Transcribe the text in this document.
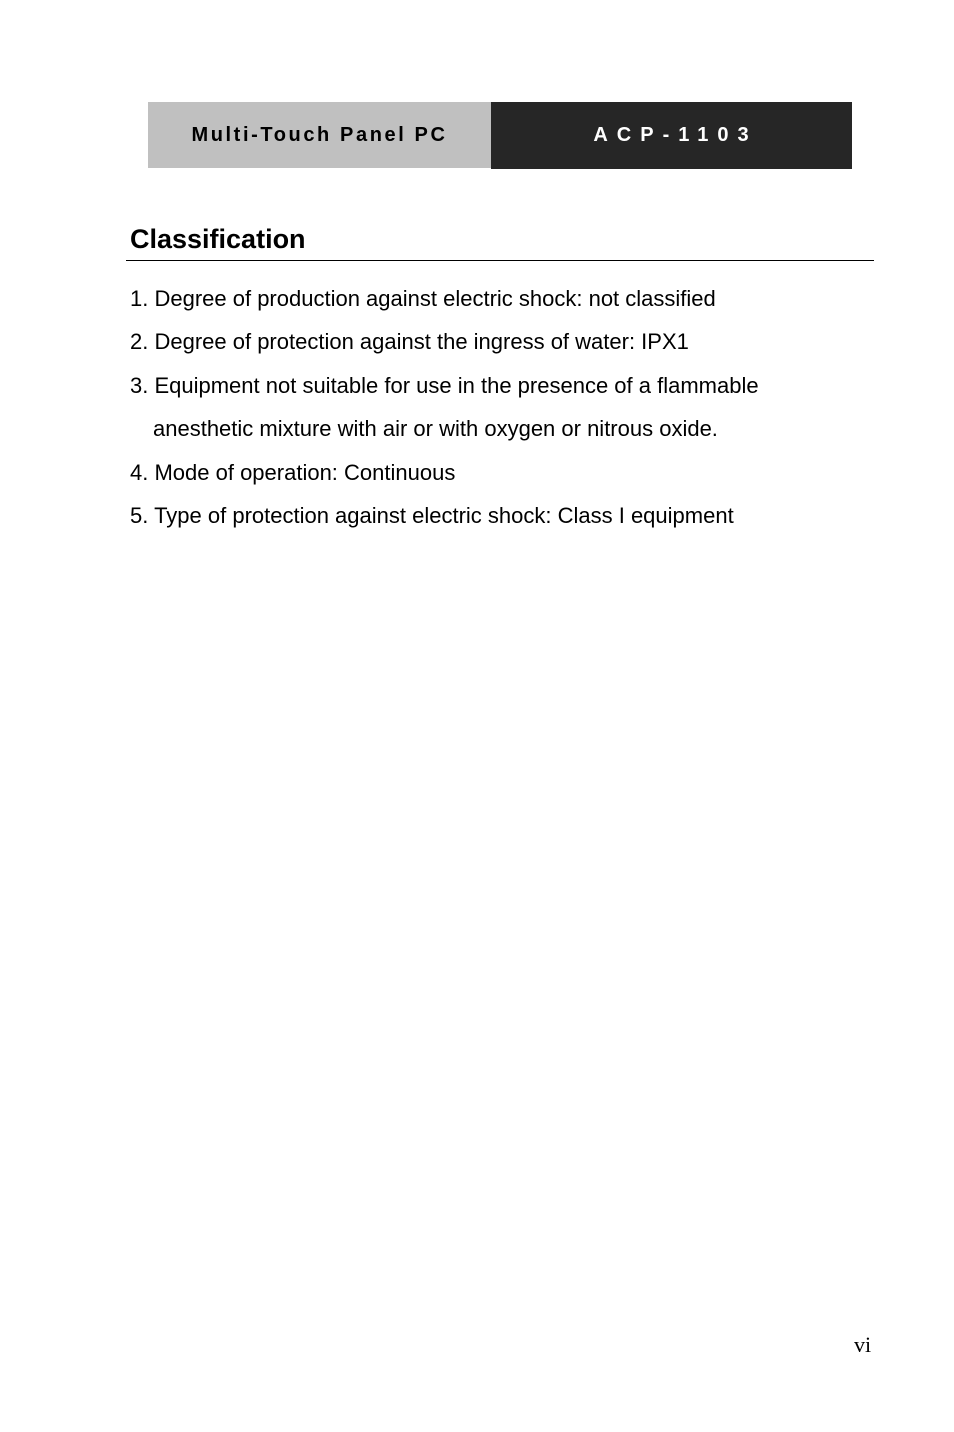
Multi-Touch Panel PC	ACP-1103
Classification
1. Degree of production against electric shock: not classified
2. Degree of protection against the ingress of water: IPX1
3. Equipment not suitable for use in the presence of a flammable
anesthetic mixture with air or with oxygen or nitrous oxide.
4. Mode of operation: Continuous
5. Type of protection against electric shock: Class I equipment
vi
